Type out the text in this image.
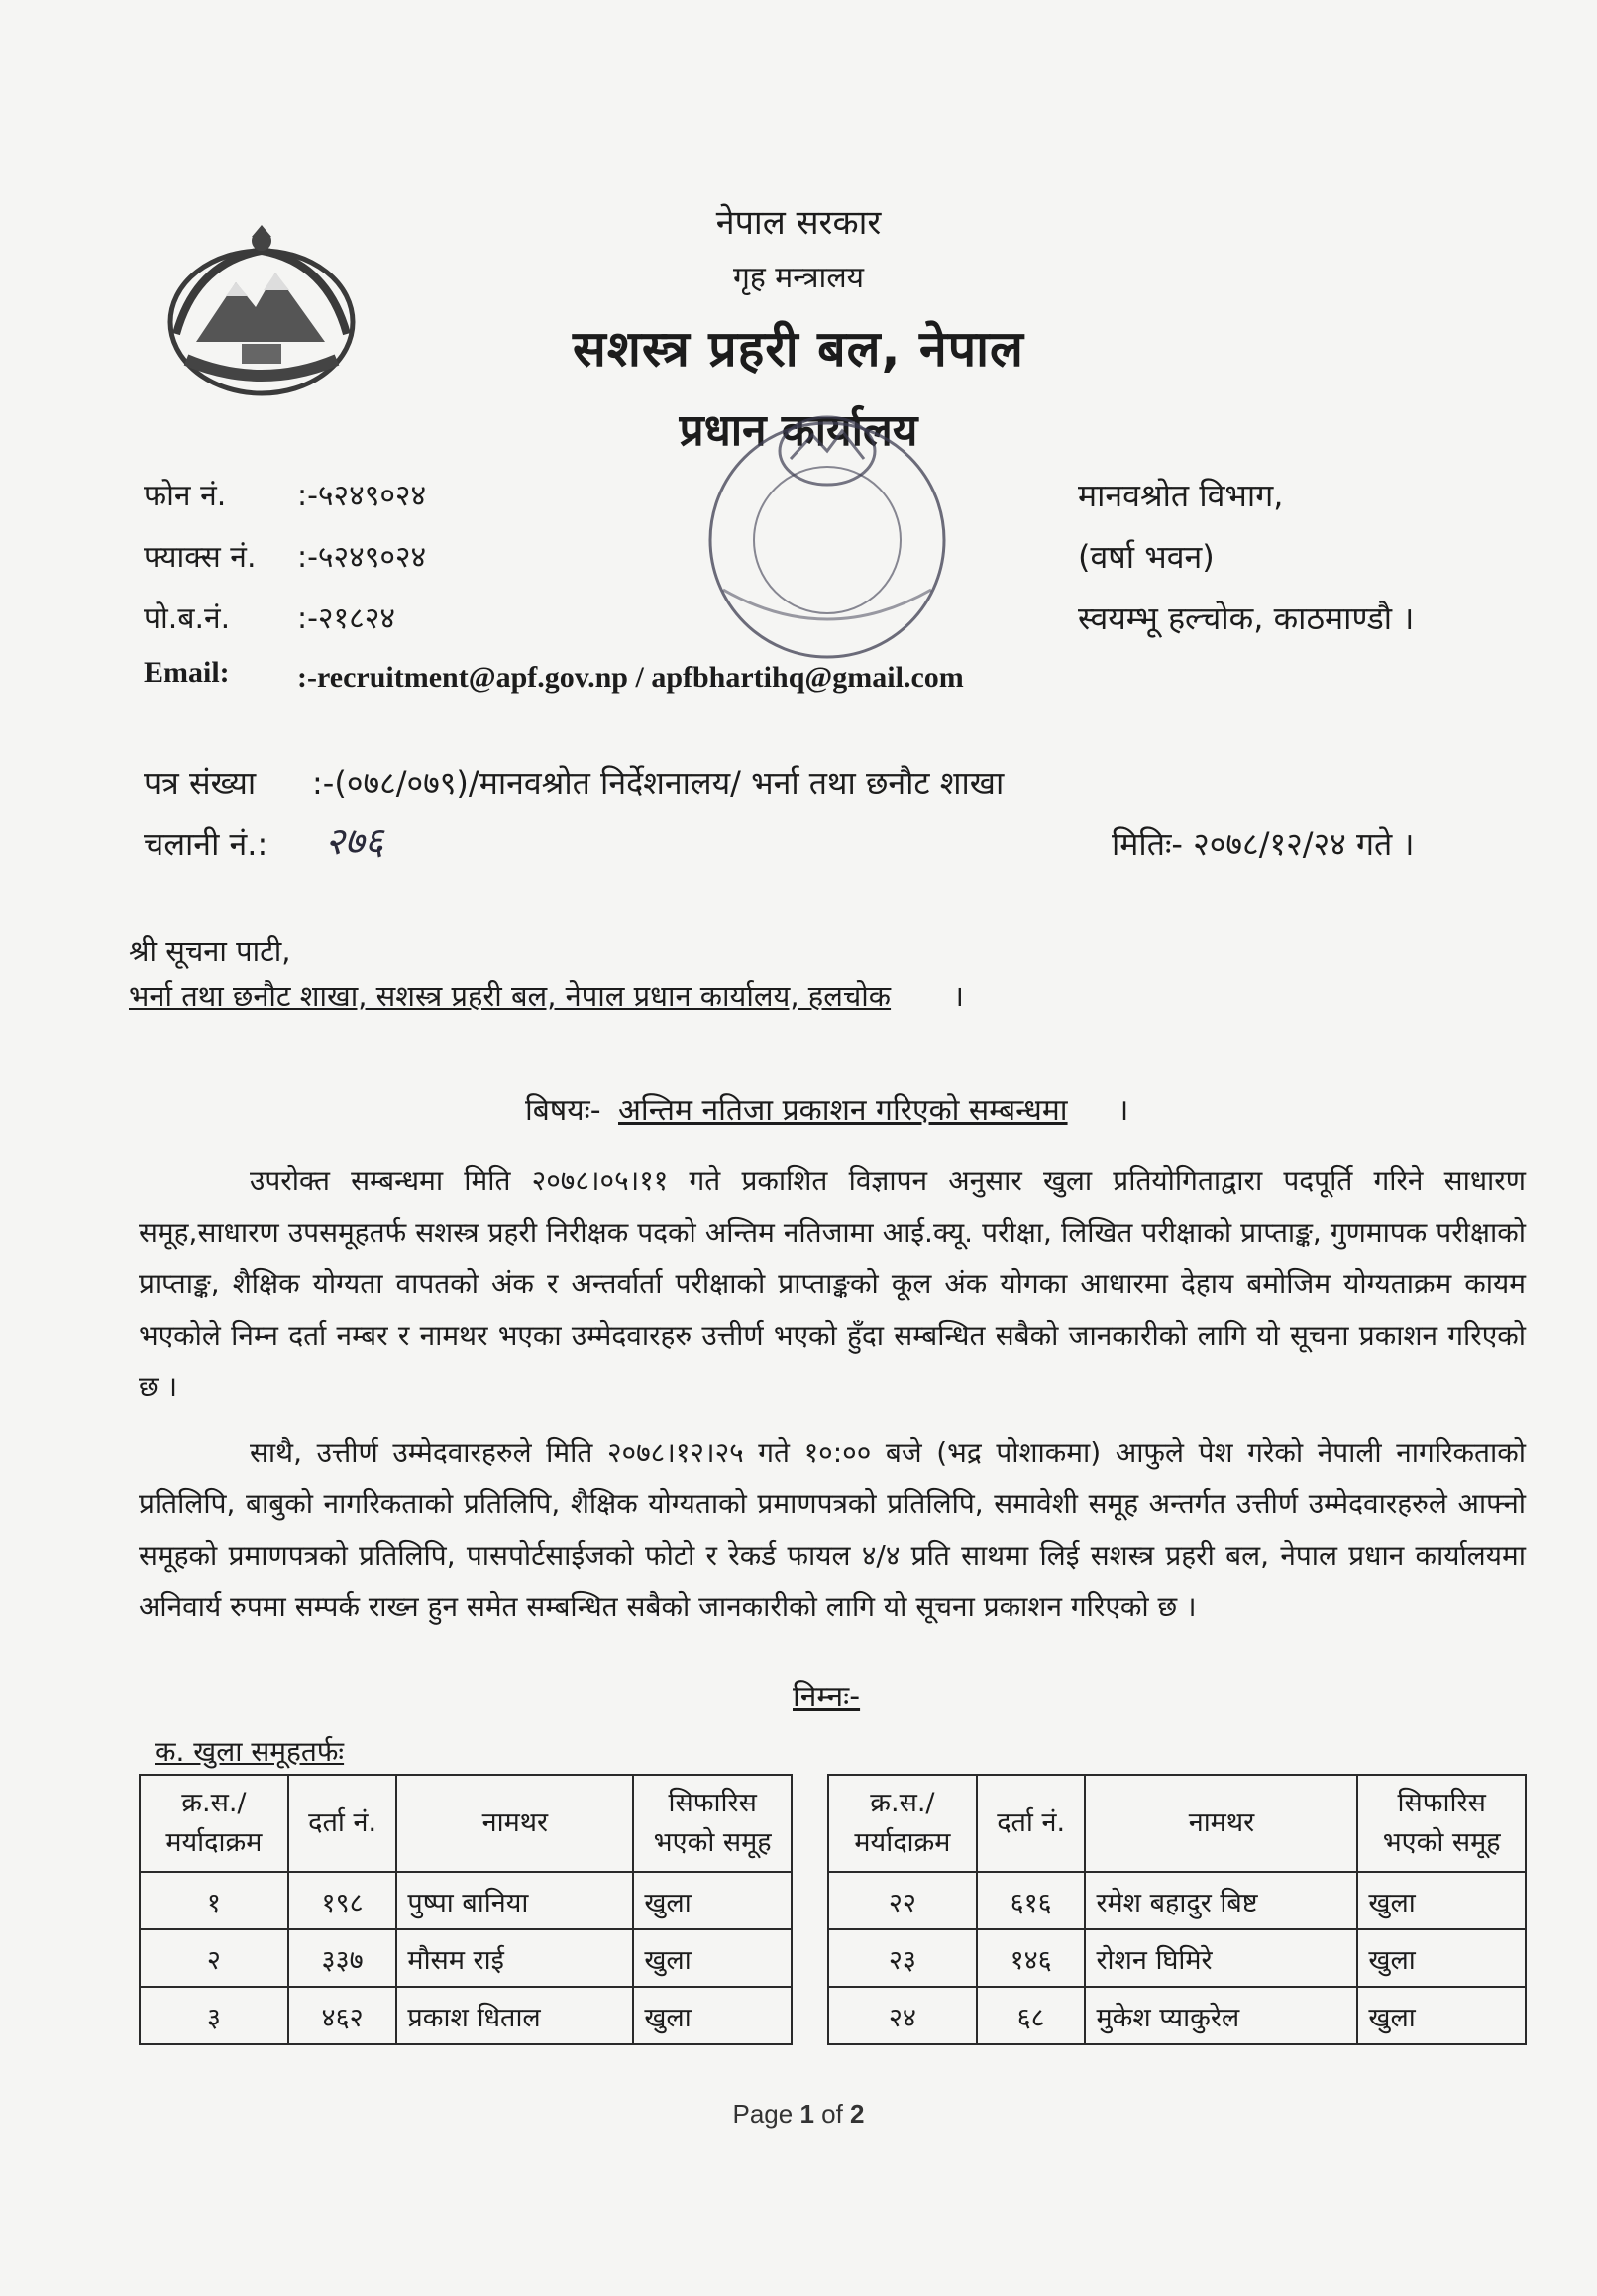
नेपाल सरकार
गृह मन्त्रालय
सशस्त्र प्रहरी बल, नेपाल
प्रधान कार्यालय
फोन नं. :-५२४९०२४
फ्याक्स नं. :-५२४९०२४
पो.ब.नं. :-२१८२४
Email: :-recruitment@apf.gov.np / apfbhartihq@gmail.com
मानवश्रोत विभाग,
(वर्षा भवन)
स्वयम्भू हल्चोक, काठमाण्डौ ।
पत्र संख्या :-(०७८/०७९)/मानवश्रोत निर्देशनालय/ भर्ना तथा छनौट शाखा
चलानी नं.: २७६	मितिः- २०७८/१२/२४ गते ।
श्री सूचना पाटी,
भर्ना तथा छनौट शाखा, सशस्त्र प्रहरी बल, नेपाल प्रधान कार्यालय, हलचोक ।
बिषयः- अन्तिम नतिजा प्रकाशन गरिएको सम्बन्धमा ।
उपरोक्त सम्बन्धमा मिति २०७८।०५।११ गते प्रकाशित विज्ञापन अनुसार खुला प्रतियोगिताद्वारा पदपूर्ति गरिने साधारण समूह,साधारण उपसमूहतर्फ सशस्त्र प्रहरी निरीक्षक पदको अन्तिम नतिजामा आई.क्यू. परीक्षा, लिखित परीक्षाको प्राप्ताङ्क, गुणमापक परीक्षाको प्राप्ताङ्क, शैक्षिक योग्यता वापतको अंक र अन्तर्वार्ता परीक्षाको प्राप्ताङ्कको कूल अंक योगका आधारमा देहाय बमोजिम योग्यताक्रम कायम भएकोले निम्न दर्ता नम्बर र नामथर भएका उम्मेदवारहरु उत्तीर्ण भएको हुँदा सम्बन्धित सबैको जानकारीको लागि यो सूचना प्रकाशन गरिएको छ ।
साथै, उत्तीर्ण उम्मेदवारहरुले मिति २०७८।१२।२५ गते १०:०० बजे (भद्र पोशाकमा) आफुले पेश गरेको नेपाली नागरिकताको प्रतिलिपि, बाबुको नागरिकताको प्रतिलिपि, शैक्षिक योग्यताको प्रमाणपत्रको प्रतिलिपि, समावेशी समूह अन्तर्गत उत्तीर्ण उम्मेदवारहरुले आफ्नो समूहको प्रमाणपत्रको प्रतिलिपि, पासपोर्टसाईजको फोटो र रेकर्ड फायल ४/४ प्रति साथमा लिई सशस्त्र प्रहरी बल, नेपाल प्रधान कार्यालयमा अनिवार्य रुपमा सम्पर्क राख्न हुन समेत सम्बन्धित सबैको जानकारीको लागि यो सूचना प्रकाशन गरिएको छ ।
निम्नः-
क. खुला समूहतर्फः
क्र.स./ मर्यादाक्रम	दर्ता नं.	नामथर	सिफारिस भएको समूह
१	१९८	पुष्पा बानिया	खुला
२	३३७	मौसम राई	खुला
३	४६२	प्रकाश धिताल	खुला
क्र.स./ मर्यादाक्रम	दर्ता नं.	नामथर	सिफारिस भएको समूह
२२	६१६	रमेश बहादुर बिष्ट	खुला
२३	१४६	रोशन घिमिरे	खुला
२४	६८	मुकेश प्याकुरेल	खुला
Page 1 of 2
